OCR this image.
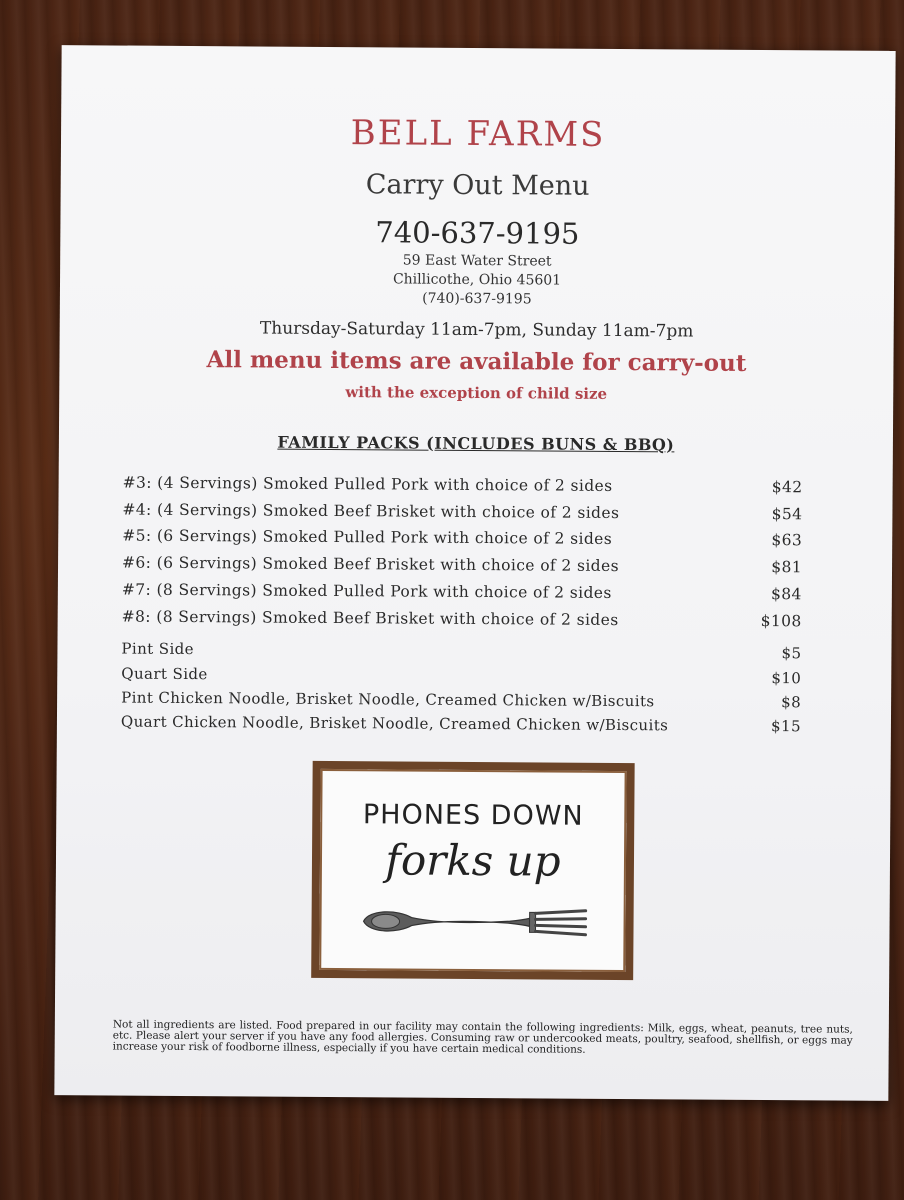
BELL FARMS
Carry Out Menu
740-637-9195
59 East Water Street
Chillicothe, Ohio 45601
(740)-637-9195
Thursday-Saturday 11am-7pm, Sunday 11am-7pm
All menu items are available for carry-out
with the exception of child size
FAMILY PACKS (INCLUDES BUNS & BBQ)
#3: (4 Servings) Smoked Pulled Pork with choice of 2 sides	$42
#4: (4 Servings) Smoked Beef Brisket with choice of 2 sides	$54
#5: (6 Servings) Smoked Pulled Pork with choice of 2 sides	$63
#6: (6 Servings) Smoked Beef Brisket with choice of 2 sides	$81
#7: (8 Servings) Smoked Pulled Pork with choice of 2 sides	$84
#8: (8 Servings) Smoked Beef Brisket with choice of 2 sides	$108
Pint Side	$5
Quart Side	$10
Pint Chicken Noodle, Brisket Noodle, Creamed Chicken w/Biscuits	$8
Quart Chicken Noodle, Brisket Noodle, Creamed Chicken w/Biscuits	$15
PHONES DOWN
forks up
Not all ingredients are listed. Food prepared in our facility may contain the following ingredients: Milk, eggs, wheat, peanuts, tree nuts, etc. Please alert your server if you have any food allergies. Consuming raw or undercooked meats, poultry, seafood, shellfish, or eggs may increase your risk of foodborne illness, especially if you have certain medical conditions.
